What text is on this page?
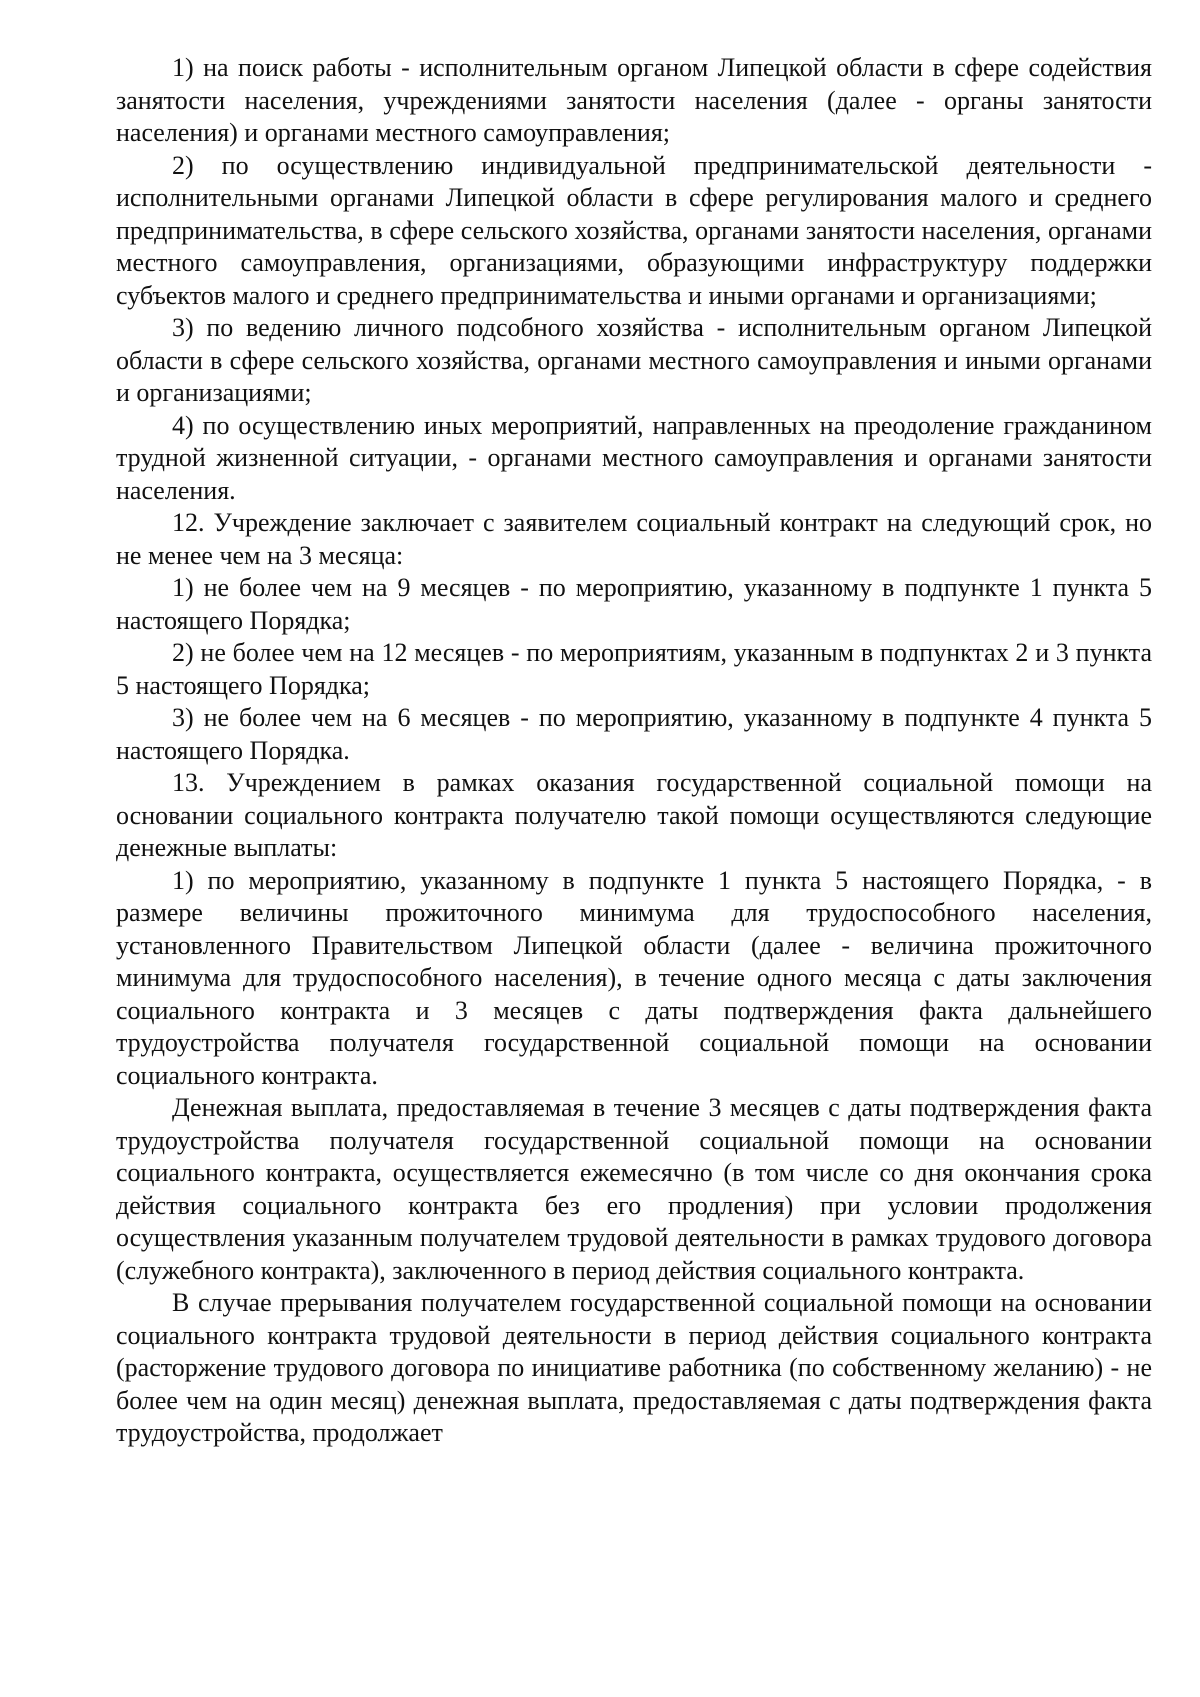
1) на поиск работы - исполнительным органом Липецкой области в сфере содействия занятости населения, учреждениями занятости населения (далее - органы занятости населения) и органами местного самоуправления;

2) по осуществлению индивидуальной предпринимательской деятельности - исполнительными органами Липецкой области в сфере регулирования малого и среднего предпринимательства, в сфере сельского хозяйства, органами занятости населения, органами местного самоуправления, организациями, образующими инфраструктуру поддержки субъектов малого и среднего предпринимательства и иными органами и организациями;

3) по ведению личного подсобного хозяйства - исполнительным органом Липецкой области в сфере сельского хозяйства, органами местного самоуправления и иными органами и организациями;

4) по осуществлению иных мероприятий, направленных на преодоление гражданином трудной жизненной ситуации, - органами местного самоуправления и органами занятости населения.

12. Учреждение заключает с заявителем социальный контракт на следующий срок, но не менее чем на 3 месяца:

1) не более чем на 9 месяцев - по мероприятию, указанному в подпункте 1 пункта 5 настоящего Порядка;

2) не более чем на 12 месяцев - по мероприятиям, указанным в подпунктах 2 и 3 пункта 5 настоящего Порядка;

3) не более чем на 6 месяцев - по мероприятию, указанному в подпункте 4 пункта 5 настоящего Порядка.

13. Учреждением в рамках оказания государственной социальной помощи на основании социального контракта получателю такой помощи осуществляются следующие денежные выплаты:

1) по мероприятию, указанному в подпункте 1 пункта 5 настоящего Порядка, - в размере величины прожиточного минимума для трудоспособного населения, установленного Правительством Липецкой области (далее - величина прожиточного минимума для трудоспособного населения), в течение одного месяца с даты заключения социального контракта и 3 месяцев с даты подтверждения факта дальнейшего трудоустройства получателя государственной социальной помощи на основании социального контракта.

Денежная выплата, предоставляемая в течение 3 месяцев с даты подтверждения факта трудоустройства получателя государственной социальной помощи на основании социального контракта, осуществляется ежемесячно (в том числе со дня окончания срока действия социального контракта без его продления) при условии продолжения осуществления указанным получателем трудовой деятельности в рамках трудового договора (служебного контракта), заключенного в период действия социального контракта.

В случае прерывания получателем государственной социальной помощи на основании социального контракта трудовой деятельности в период действия социального контракта (расторжение трудового договора по инициативе работника (по собственному желанию) - не более чем на один месяц) денежная выплата, предоставляемая с даты подтверждения факта трудоустройства, продолжает
